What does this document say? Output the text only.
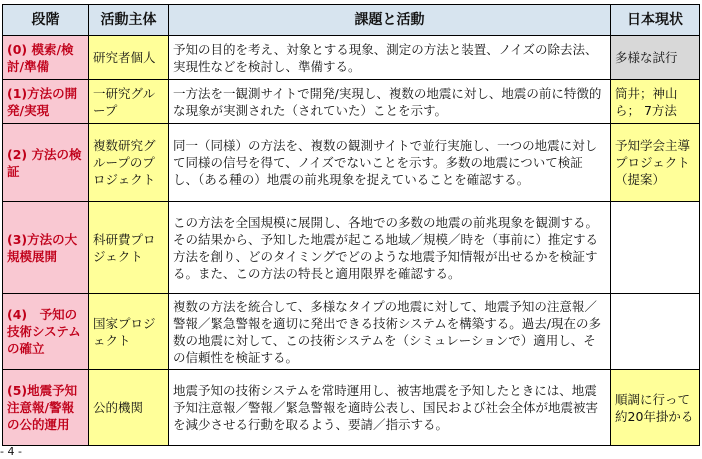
段階	活動主体	課題と活動	日本現状
(0) 模索/検討/準備	研究者個人	予知の目的を考え、対象とする現象、測定の方法と装置、ノイズの除去法、実現性などを検討し、準備する。	多様な試行
(1)方法の開発/実現	一研究グループ	一方法を一観測サイトで開発/実現し、複数の地震に対し、地震の前に特徴的な現象が実測された（されていた）ことを示す。	筒井；神山ら； 7方法
(2) 方法の検証	複数研究グループのプロジェクト	同一（同様）の方法を、複数の観測サイトで並行実施し、一つの地震に対して同様の信号を得て、ノイズでないことを示す。多数の地震について検証し、（ある種の）地震の前兆現象を捉えていることを確認する。	予知学会主導プロジェクト（提案）
(3)方法の大規模展開	科研費プロジェクト	この方法を全国規模に展開し、各地での多数の地震の前兆現象を観測する。その結果から、予知した地震が起こる地域／規模／時を（事前に）推定する方法を創り、どのタイミングでどのような地震予知情報が出せるかを検証する。また、この方法の特長と適用限界を確認する。	
(4)　予知の技術システムの確立	国家プロジェクト	複数の方法を統合して、多様なタイプの地震に対して、地震予知の注意報／警報／緊急警報を適切に発出できる技術システムを構築する。過去/現在の多数の地震に対して、この技術システムを（シミュレーションで）適用し、その信頼性を検証する。	
(5)地震予知注意報/警報の公的運用	公的機関	地震予知の技術システムを常時運用し、被害地震を予知したときには、地震予知注意報／警報／緊急警報を適時公表し、国民および社会全体が地震被害を減少させる行動を取るよう、要請／指示する。	順調に行って約20年掛かる
- 4 -
